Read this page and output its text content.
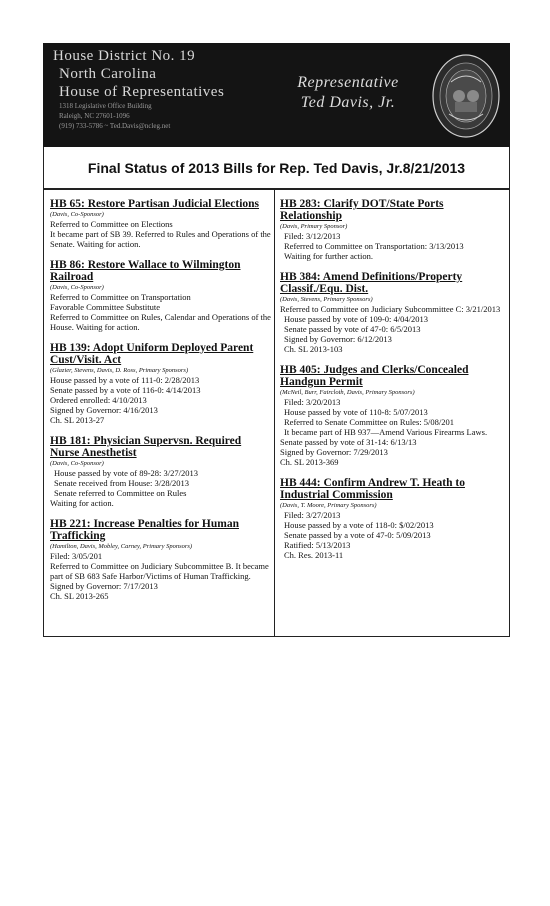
House District No. 19
North Carolina
House of Representatives
1318 Legislative Office Building
Raleigh, NC 27601-1096
(919) 733-5786 ~ Ted.Davis@ncleg.net
Representative
Ted Davis, Jr.
Final Status of 2013 Bills for Rep. Ted Davis, Jr. 8/21/2013
HB 65: Restore Partisan Judicial Elections
(Davis, Co-Sponsor)
Referred to Committee on Elections
It became part of SB 39. Referred to Rules and Operations of the Senate. Waiting for action.
HB 86: Restore Wallace to Wilmington Railroad
(Davis, Co-Sponsor)
Referred to Committee on Transportation
Favorable Committee Substitute
Referred to Committee on Rules, Calendar and Operations of the House. Waiting for action.
HB 139: Adopt Uniform Deployed Parent Cust/Visit. Act
(Glazier, Stevens, Davis, D. Ross, Primary Sponsors)
House passed by a vote of 111-0: 2/28/2013
Senate passed by a vote of 116-0: 4/14/2013
Ordered enrolled: 4/10/2013
Signed by Governor: 4/16/2013
Ch. SL 2013-27
HB 181: Physician Supervsn. Required Nurse Anesthetist
(Davis, Co-Sponsor)
House passed by vote of 89-28: 3/27/2013
Senate received from House: 3/28/2013
Senate referred to Committee on Rules
Waiting for action.
HB 221: Increase Penalties for Human Trafficking
(Hamilton, Davis, Mobley, Carney, Primary Sponsors)
Filed: 3/05/201
Referred to Committee on Judiciary Subcommittee B. It became part of SB 683 Safe Harbor/Victims of Human Trafficking.
Signed by Governor: 7/17/2013
Ch. SL 2013-265
HB 283: Clarify DOT/State Ports Relationship
(Davis, Primary Sponsor)
Filed: 3/12/2013
Referred to Committee on Transportation: 3/13/2013
Waiting for further action.
HB 384: Amend Definitions/Property Classif./Equ. Dist.
(Davis, Stevens, Primary Sponsors)
Referred to Committee on Judiciary Subcommittee C: 3/21/2013
House passed by vote of 109-0: 4/04/2013
Senate passed by vote of 47-0: 6/5/2013
Signed by Governor: 6/12/2013
Ch. SL 2013-103
HB 405: Judges and Clerks/Concealed Handgun Permit
(McNeil, Burr, Faircloth, Davis, Primary Sponsors)
Filed: 3/20/2013
House passed by vote of 110-8: 5/07/2013
Referred to Senate Committee on Rules: 5/08/201
It became part of HB 937—Amend Various Firearms Laws.
Senate passed by vote of 31-14: 6/13/13
Signed by Governor: 7/29/2013
Ch. SL 2013-369
HB 444: Confirm Andrew T. Heath to Industrial Commission
(Davis, T. Moore, Primary Sponsors)
Filed: 3/27/2013
House passed by a vote of 118-0: $/02/2013
Senate passed by a vote of 47-0: 5/09/2013
Ratified: 5/13/2013
Ch. Res. 2013-11
